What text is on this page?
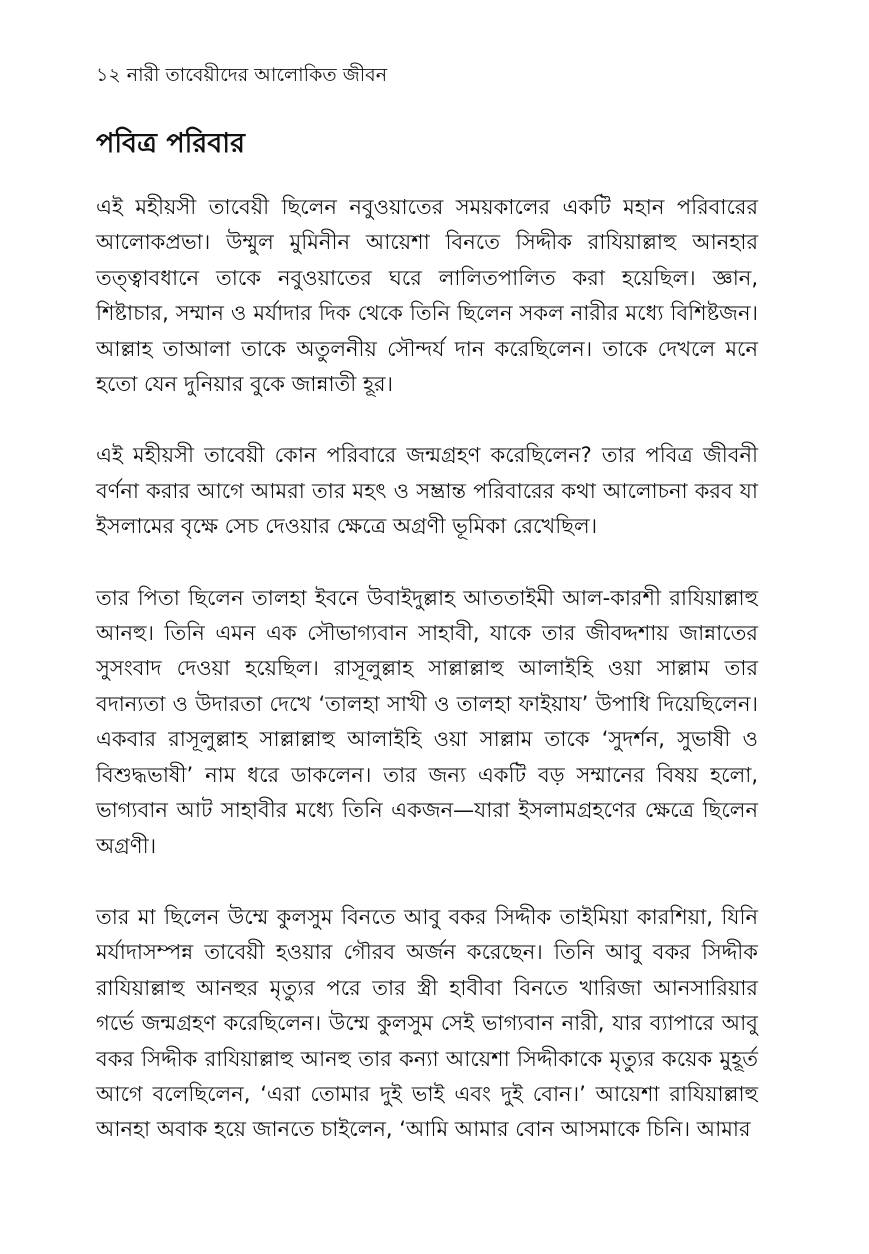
১২ নারী তাবেয়ীদের আলোকিত জীবন

পবিত্র পরিবার

এই মহীয়সী তাবেয়ী ছিলেন নবুওয়াতের সময়কালের একটি মহান পরিবারের আলোকপ্রভা। উম্মুল মুমিনীন আয়েশা বিনতে সিদ্দীক রাযিয়াল্লাহু আনহার তত্ত্বাবধানে তাকে নবুওয়াতের ঘরে লালিতপালিত করা হয়েছিল। জ্ঞান, শিষ্টাচার, সম্মান ও মর্যাদার দিক থেকে তিনি ছিলেন সকল নারীর মধ্যে বিশিষ্টজন। আল্লাহ তাআলা তাকে অতুলনীয় সৌন্দর্য দান করেছিলেন। তাকে দেখলে মনে হতো যেন দুনিয়ার বুকে জান্নাতী হূর।

এই মহীয়সী তাবেয়ী কোন পরিবারে জন্মগ্রহণ করেছিলেন? তার পবিত্র জীবনী বর্ণনা করার আগে আমরা তার মহৎ ও সম্ভ্রান্ত পরিবারের কথা আলোচনা করব যা ইসলামের বৃক্ষে সেচ দেওয়ার ক্ষেত্রে অগ্রণী ভূমিকা রেখেছিল।

তার পিতা ছিলেন তালহা ইবনে উবাইদুল্লাহ আততাইমী আল-কারশী রাযিয়াল্লাহু আনহু। তিনি এমন এক সৌভাগ্যবান সাহাবী, যাকে তার জীবদ্দশায় জান্নাতের সুসংবাদ দেওয়া হয়েছিল। রাসূলুল্লাহ সাল্লাল্লাহু আলাইহি ওয়া সাল্লাম তার বদান্যতা ও উদারতা দেখে ‘তালহা সাখী ও তালহা ফাইয়ায’ উপাধি দিয়েছিলেন। একবার রাসূলুল্লাহ সাল্লাল্লাহু আলাইহি ওয়া সাল্লাম তাকে ‘সুদর্শন, সুভাষী ও বিশুদ্ধভাষী’ নাম ধরে ডাকলেন। তার জন্য একটি বড় সম্মানের বিষয় হলো, ভাগ্যবান আট সাহাবীর মধ্যে তিনি একজন—যারা ইসলামগ্রহণের ক্ষেত্রে ছিলেন অগ্রণী।

তার মা ছিলেন উম্মে কুলসুম বিনতে আবু বকর সিদ্দীক তাইমিয়া কারশিয়া, যিনি মর্যাদাসম্পন্ন তাবেয়ী হওয়ার গৌরব অর্জন করেছেন। তিনি আবু বকর সিদ্দীক রাযিয়াল্লাহু আনহুর মৃত্যুর পরে তার স্ত্রী হাবীবা বিনতে খারিজা আনসারিয়ার গর্ভে জন্মগ্রহণ করেছিলেন। উম্মে কুলসুম সেই ভাগ্যবান নারী, যার ব্যাপারে আবু বকর সিদ্দীক রাযিয়াল্লাহু আনহু তার কন্যা আয়েশা সিদ্দীকাকে মৃত্যুর কয়েক মুহূর্ত আগে বলেছিলেন, ‘এরা তোমার দুই ভাই এবং দুই বোন।’ আয়েশা রাযিয়াল্লাহু আনহা অবাক হয়ে জানতে চাইলেন, ‘আমি আমার বোন আসমাকে চিনি। আমার
